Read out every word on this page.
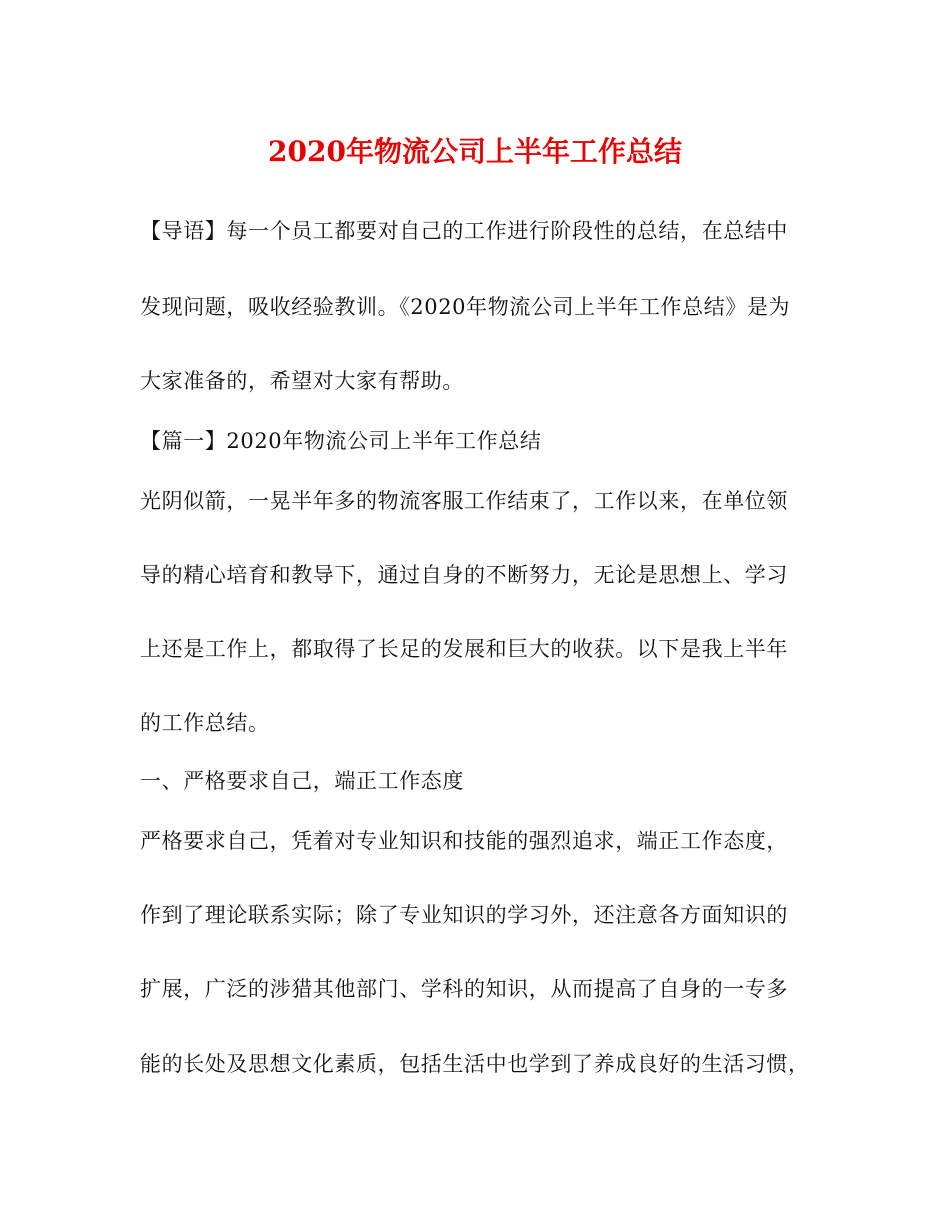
2020年物流公司上半年工作总结
【导语】每一个员工都要对自己的工作进行阶段性的总结，在总结中
发现问题，吸收经验教训。《2020年物流公司上半年工作总结》是为
大家准备的，希望对大家有帮助。
【篇一】2020年物流公司上半年工作总结
光阴似箭，一晃半年多的物流客服工作结束了，工作以来，在单位领
导的精心培育和教导下，通过自身的不断努力，无论是思想上、学习
上还是工作上，都取得了长足的发展和巨大的收获。以下是我上半年
的工作总结。
一、严格要求自己，端正工作态度
严格要求自己，凭着对专业知识和技能的强烈追求，端正工作态度，
作到了理论联系实际；除了专业知识的学习外，还注意各方面知识的
扩展，广泛的涉猎其他部门、学科的知识，从而提高了自身的一专多
能的长处及思想文化素质，包括生活中也学到了养成良好的生活习惯，
